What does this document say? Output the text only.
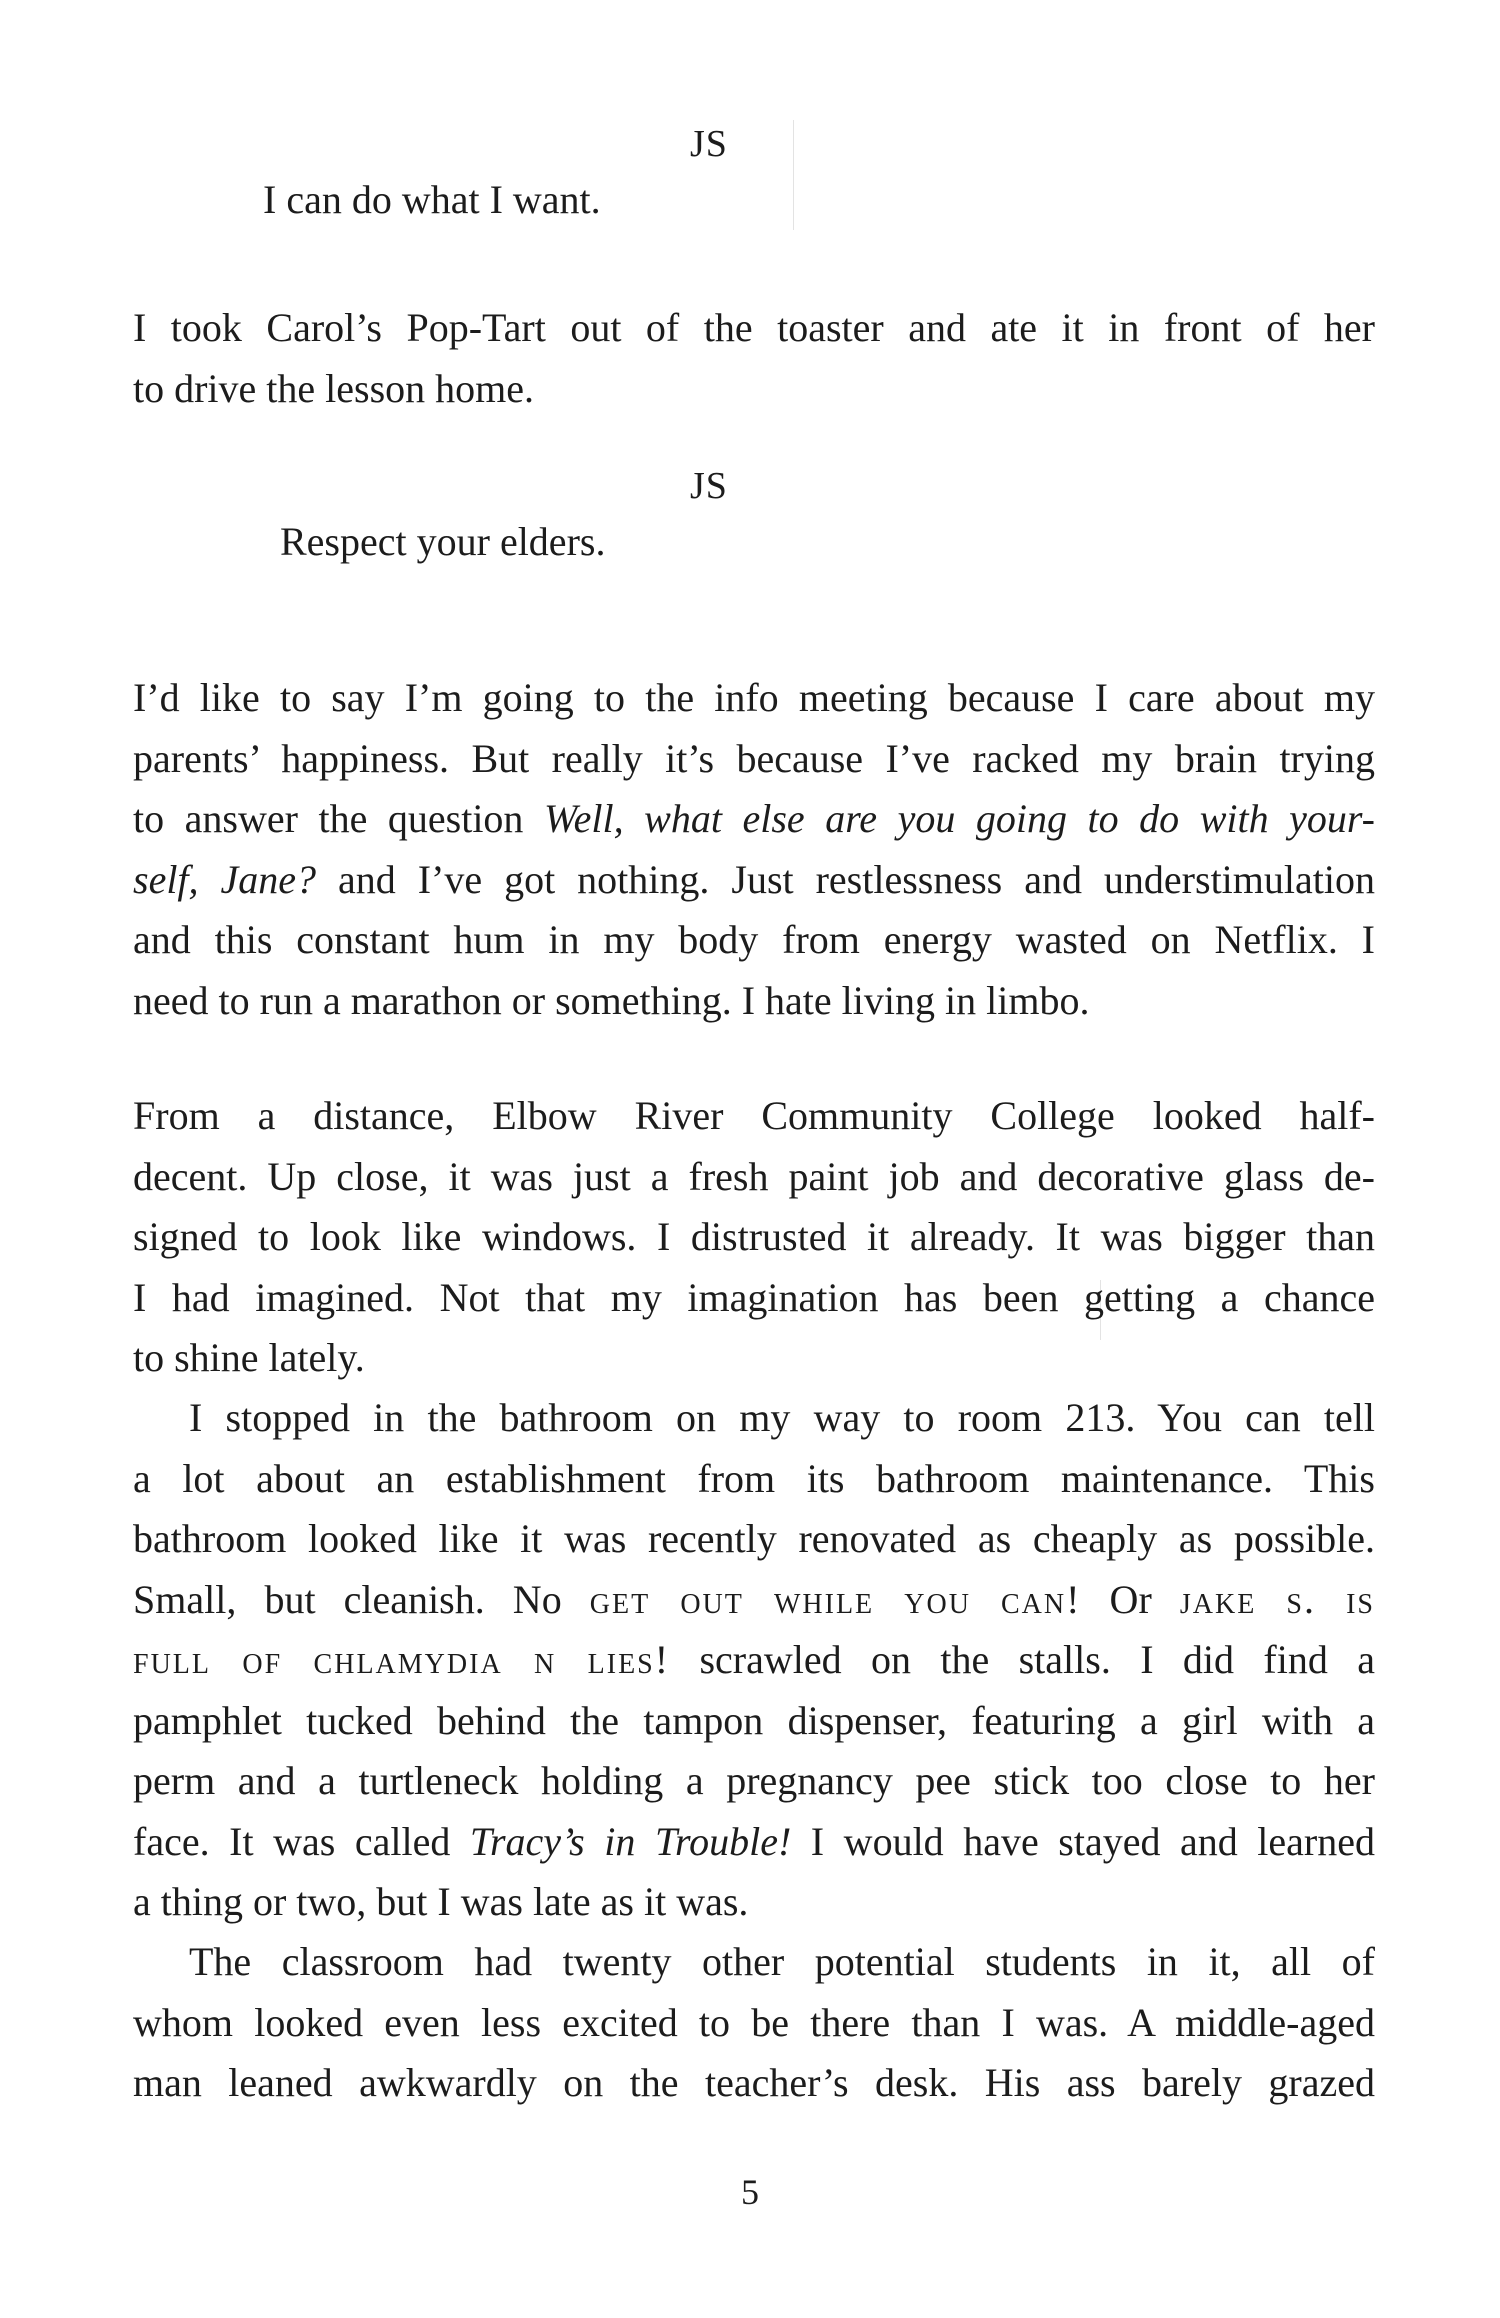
JS
I can do what I want.
I took Carol’s Pop-Tart out of the toaster and ate it in front of her
to drive the lesson home.
JS
Respect your elders.
I’d like to say I’m going to the info meeting because I care about my
parents’ happiness. But really it’s because I’ve racked my brain trying
to answer the question Well, what else are you going to do with your-
self, Jane? and I’ve got nothing. Just restlessness and understimulation
and this constant hum in my body from energy wasted on Netflix. I
need to run a marathon or something. I hate living in limbo.
From a distance, Elbow River Community College looked half-
decent. Up close, it was just a fresh paint job and decorative glass de-
signed to look like windows. I distrusted it already. It was bigger than
I had imagined. Not that my imagination has been getting a chance
to shine lately.
I stopped in the bathroom on my way to room 213. You can tell
a lot about an establishment from its bathroom maintenance. This
bathroom looked like it was recently renovated as cheaply as possible.
Small, but cleanish. No get out while you can! Or jake s. is
full of chlamydia n lies! scrawled on the stalls. I did find a
pamphlet tucked behind the tampon dispenser, featuring a girl with a
perm and a turtleneck holding a pregnancy pee stick too close to her
face. It was called Tracy’s in Trouble! I would have stayed and learned
a thing or two, but I was late as it was.
The classroom had twenty other potential students in it, all of
whom looked even less excited to be there than I was. A middle-aged
man leaned awkwardly on the teacher’s desk. His ass barely grazed
5
